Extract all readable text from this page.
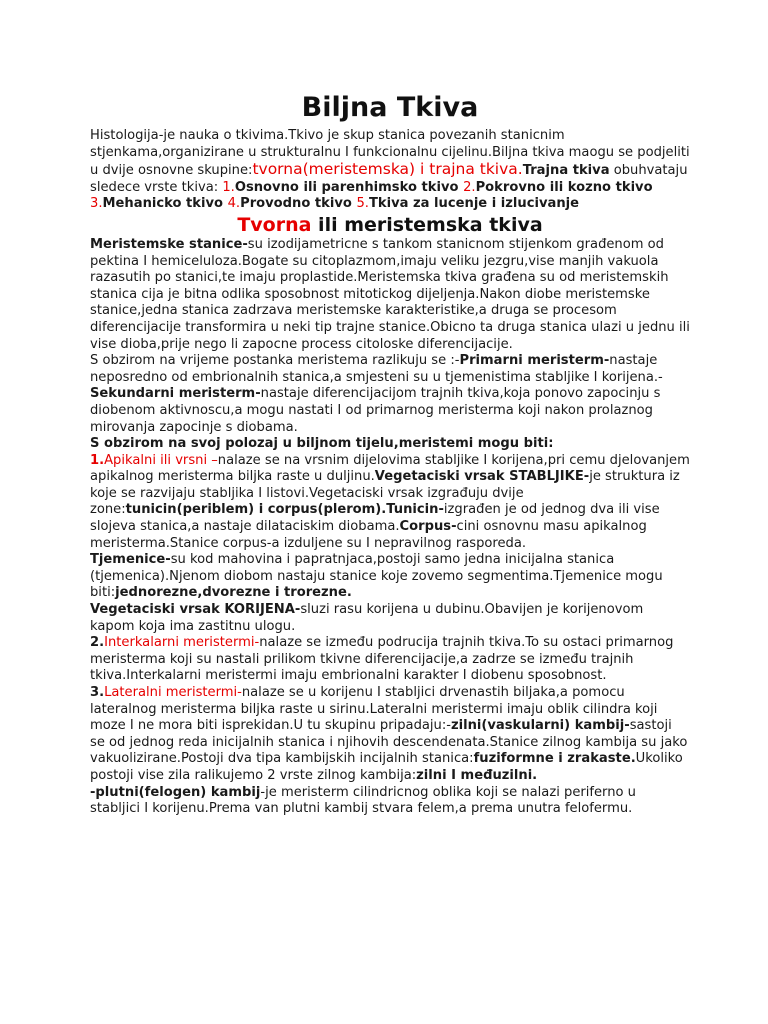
Biljna Tkiva

Histologija-je nauka o tkivima.Tkivo je skup stanica povezanih stanicnim stjenkama,organizirane u strukturalnu I funkcionalnu cijelinu.Biljna tkiva maogu se podjeliti u dvije osnovne skupine:tvorna(meristemska) i trajna tkiva.Trajna tkiva obuhvataju sledece vrste tkiva: 1.Osnovno ili parenhimsko tkivo 2.Pokrovno ili kozno tkivo 3.Mehanicko tkivo 4.Provodno tkivo 5.Tkiva za lucenje i izlucivanje

Tvorna ili meristemska tkiva

Meristemske stanice-su izodijametricne s tankom stanicnom stijenkom građenom od pektina I hemiceluloza.Bogate su citoplazmom,imaju veliku jezgru,vise manjih vakuola razasutih po stanici,te imaju proplastide.Meristemska tkiva građena su od meristemskih stanica cija je bitna odlika sposobnost mitotickog dijeljenja.Nakon diobe meristemske stanice,jedna stanica zadrzava meristemske karakteristike,a druga se procesom diferencijacije transformira u neki tip trajne stanice.Obicno ta druga stanica ulazi u jednu ili vise dioba,prije nego li zapocne process citoloske diferencijacije.

S obzirom na vrijeme postanka meristema razlikuju se :-Primarni meristerm-nastaje neposredno od embrionalnih stanica,a smjesteni su u tjemenistima stabljike I korijena.-Sekundarni meristerm-nastaje diferencijacijom trajnih tkiva,koja ponovo zapocinju s diobenom aktivnoscu,a mogu nastati I od primarnog meristerma koji nakon prolaznog mirovanja zapocinje s diobama.

S obzirom na svoj polozaj u biljnom tijelu,meristemi mogu biti:

1.Apikalni ili vrsni –nalaze se na vrsnim dijelovima stabljike I korijena,pri cemu djelovanjem apikalnog meristerma biljka raste u duljinu.Vegetaciski vrsak STABLJIKE-je struktura iz koje se razvijaju stabljika I listovi.Vegetaciski vrsak izgrađuju dvije zone:tunicin(periblem) i corpus(plerom).Tunicin-izgrađen je od jednog dva ili vise slojeva stanica,a nastaje dilataciskim diobama.Corpus-cini osnovnu masu apikalnog meristerma.Stanice corpus-a izduljene su I nepravilnog rasporeda.

Tjemenice-su kod mahovina i papratnjaca,postoji samo jedna inicijalna stanica (tjemenica).Njenom diobom nastaju stanice koje zovemo segmentima.Tjemenice mogu biti:jednorezne,dvorezne i trorezne.

Vegetaciski vrsak KORIJENA-sluzi rasu korijena u dubinu.Obavijen je korijenovom kapom koja ima zastitnu ulogu.

2.Interkalarni meristermi-nalaze se između podrucija trajnih tkiva.To su ostaci primarnog meristerma koji su nastali prilikom tkivne diferencijacije,a zadrze se između trajnih tkiva.Interkalarni meristermi imaju embrionalni karakter I diobenu sposobnost.

3.Lateralni meristermi-nalaze se u korijenu I stabljici drvenastih biljaka,a pomocu lateralnog meristerma biljka raste u sirinu.Lateralni meristermi imaju oblik cilindra koji moze I ne mora biti isprekidan.U tu skupinu pripadaju:-zilni(vaskularni) kambij-sastoji se od jednog reda inicijalnih stanica i njihovih descendenata.Stanice zilnog kambija su jako vakuolizirane.Postoji dva tipa kambijskih incijalnih stanica:fuziformne i zrakaste.Ukoliko postoji vise zila ralikujemo 2 vrste zilnog kambija:zilni I međuzilni.

-plutni(felogen) kambij-je meristerm cilindricnog oblika koji se nalazi periferno u stabljici I korijenu.Prema van plutni kambij stvara felem,a prema unutra felofermu.
